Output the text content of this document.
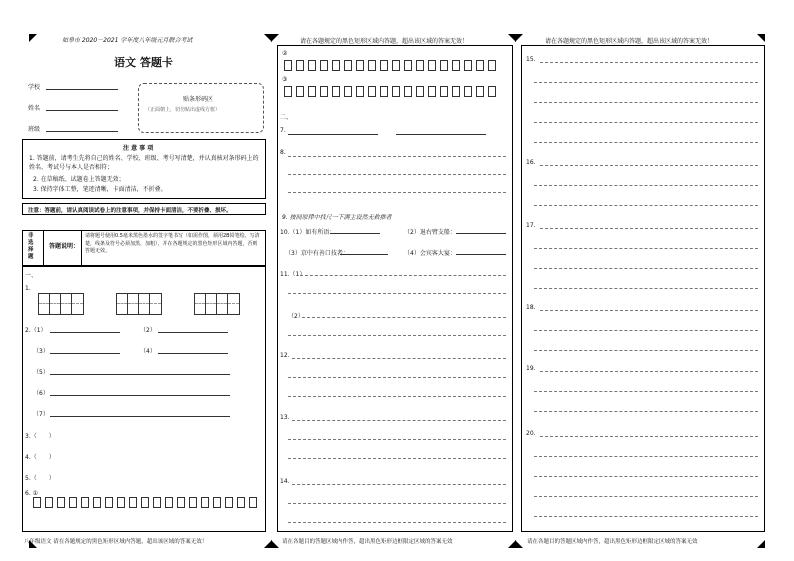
如皋市 2020－2021 学年度八年级元月联合考试
语文 答题卡
学校
姓名
班级
贴条形码区
（正面朝上，切勿贴出虚线方框）
注 意 事 项
1. 答题前，请考生先将自己的姓名、学校、班级、考号写清楚，并认真核对条形码上的姓名、考试号与本人是否相符；
2. 在草稿纸、试题卷上答题无效；
3. 保持字体工整，笔迹清晰，卡面清洁，不折叠。
注意：答题前，请认真阅读试卷上的注意事项，并保持卡面清洁，不要折叠、损坏。
非选择题
答题说明：
请将题号使用0.5毫米黑色墨水的签字笔书写（如需作图，须用2B铅笔绘、写清楚，线条及符号必须加黑、加粗），并在各题规定的黑色矩形区域内答题，否则答题无效。
一、
1.
2.（1）	（2）
（3）	（4）
（5）
（6）
（7）
3.（　　）
4.（　　）
5.（　　）
6. ①
八年级语文 请在各题规定的黑色矩形区域内答题，超出该区域的答案无效！
请在各题规定的黑色矩形区域内答题，超出该区域的答案无效！
②
③
二、
7.
8.
9. 按间原律中找尺一下满主设然无救推者
10.（1）如有所语：	（2）退右臂支船：
（3）京中有善口技者：	（4）会宾客大宴：
11.（1）
（2）
12.
13.
14.
请在各题目的答题区域内作答，超出黑色矩形边框限定区域的答案无效
请在各题规定的黑色矩形区域内答题，超出该区域的答案无效！
15.
16.
17.
18.
19.
20.
请在各题目的答题区域内作答，超出黑色矩形边框限定区域的答案无效
